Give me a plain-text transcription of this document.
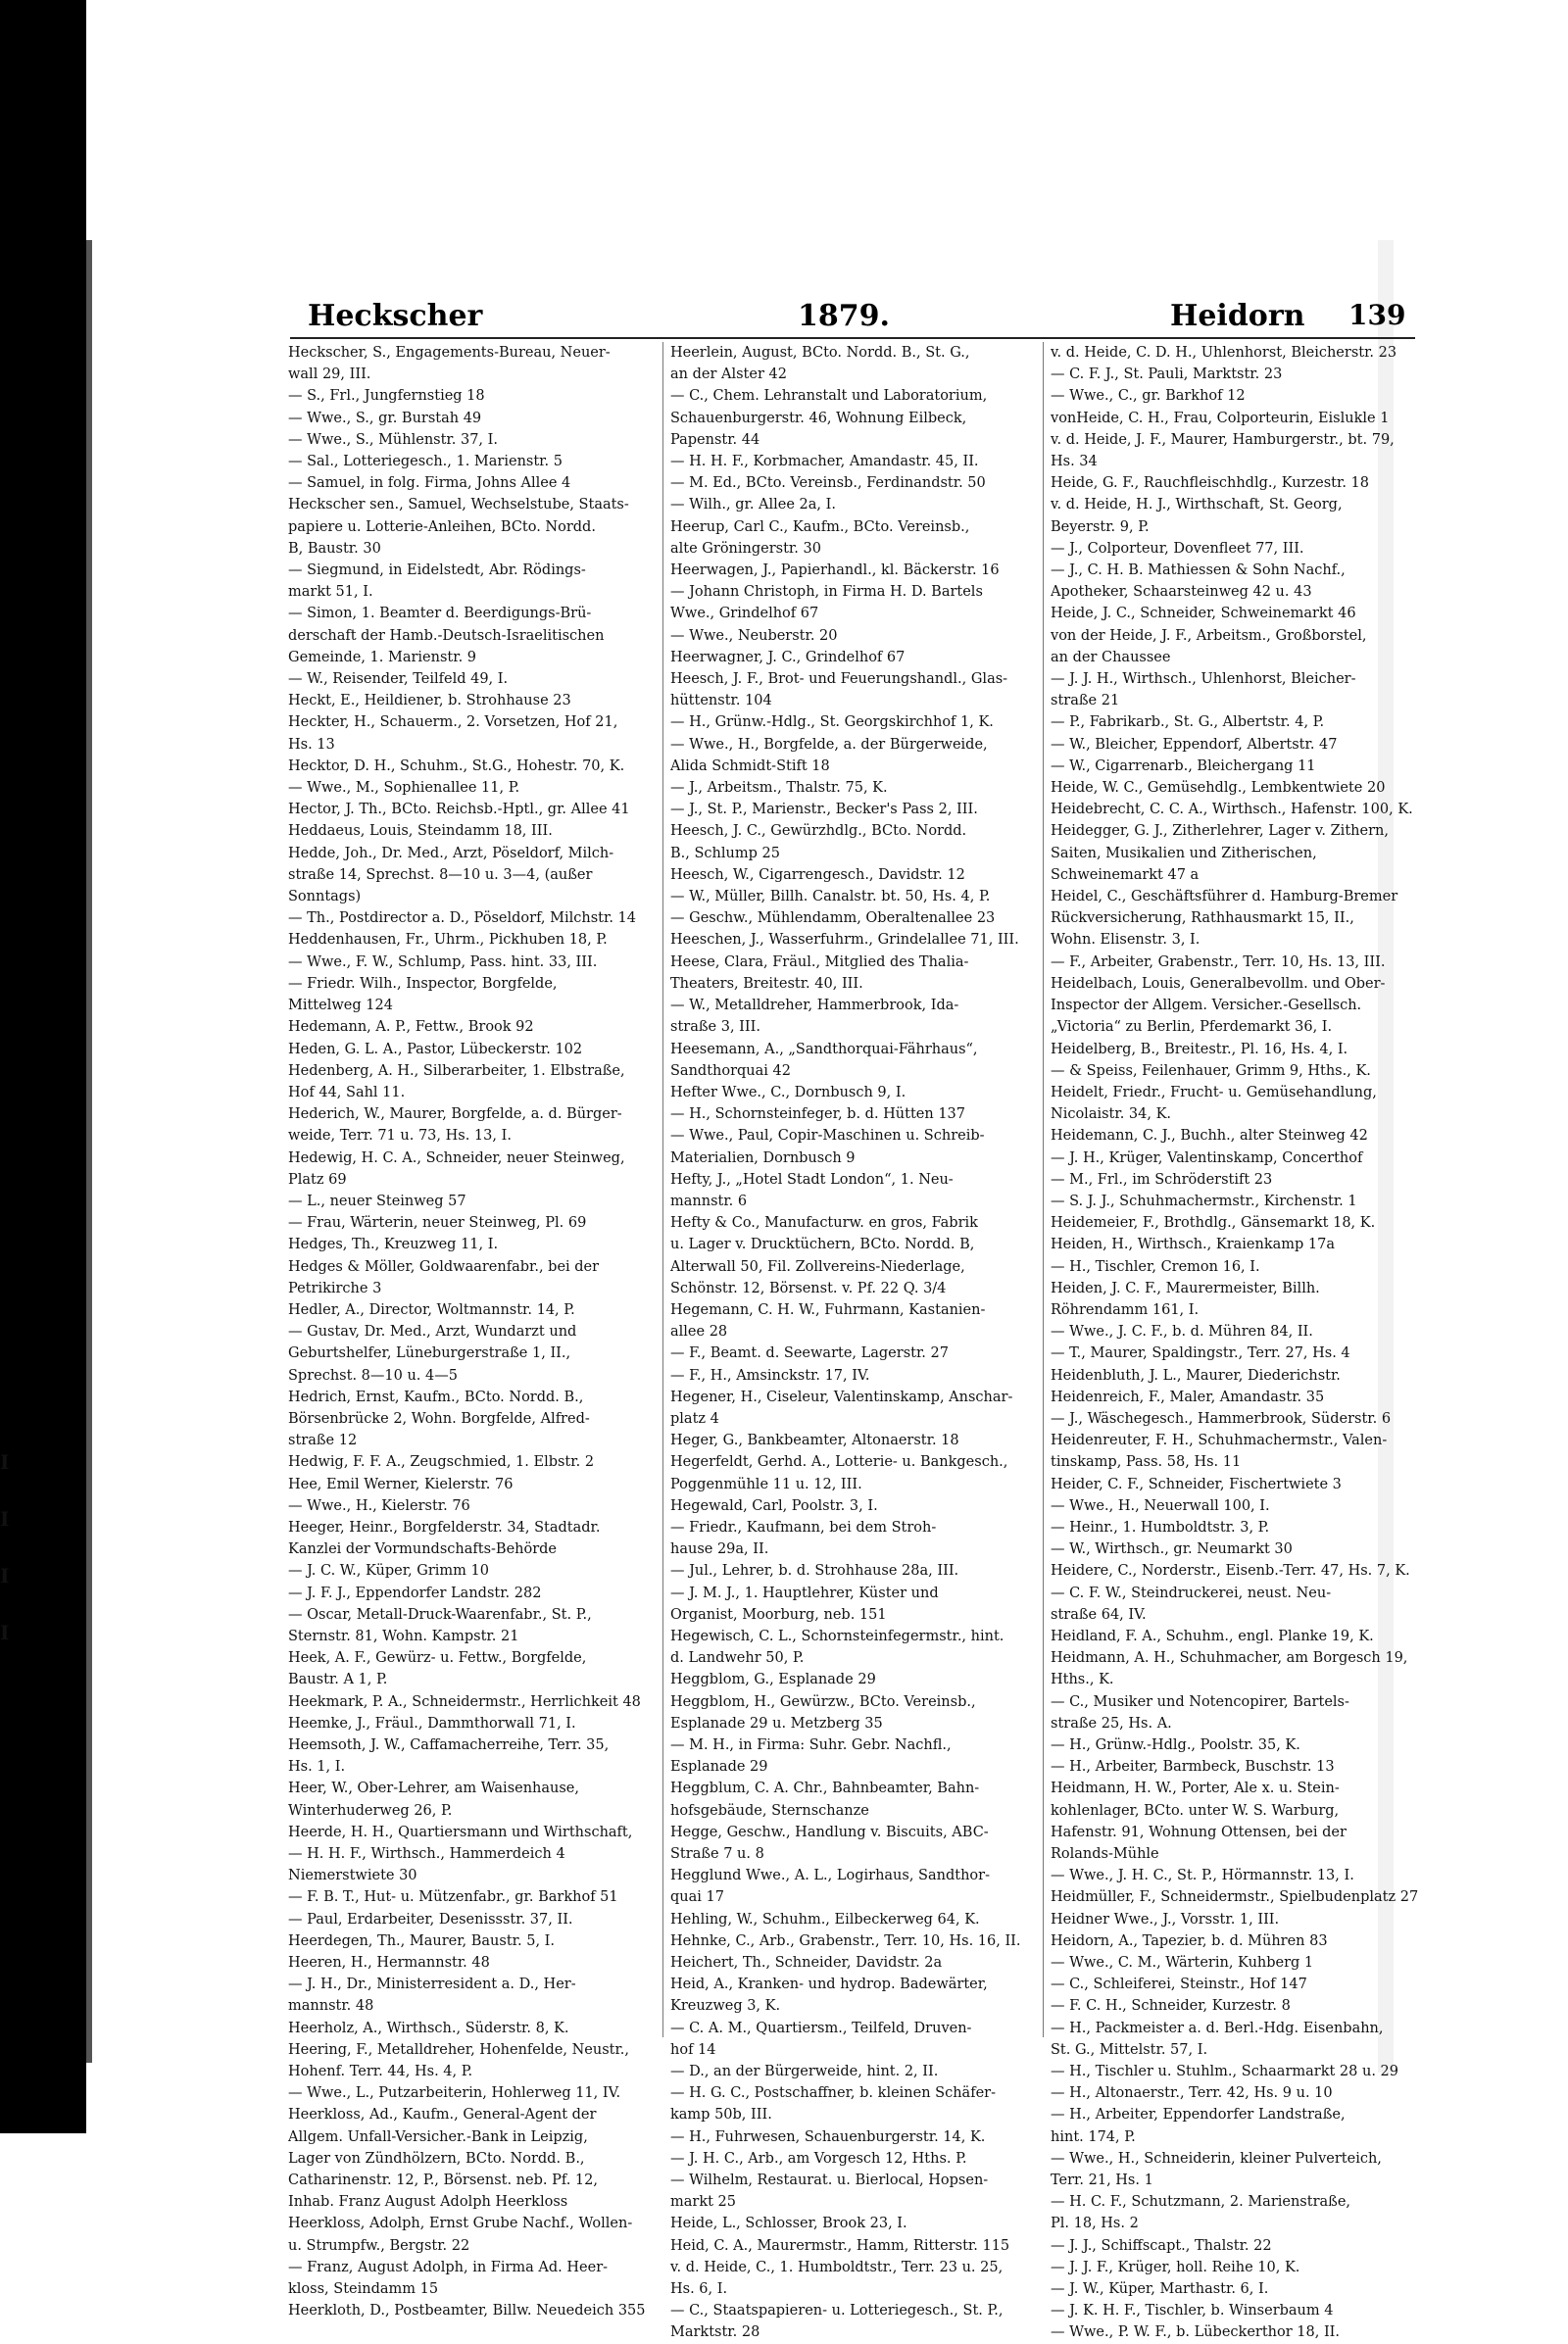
I
I
I
I
Heckscher	1879.	Heidorn 139
Heckscher, S., Engagements-Bureau, Neuer-
wall 29, III.
— S., Frl., Jungfernstieg 18
— Wwe., S., gr. Burstah 49
— Wwe., S., Mühlenstr. 37, I.
— Sal., Lotteriegesch., 1. Marienstr. 5
— Samuel, in folg. Firma, Johns Allee 4
Heckscher sen., Samuel, Wechselstube, Staats-
papiere u. Lotterie-Anleihen, BCto. Nordd.
B, Baustr. 30
— Siegmund, in Eidelstedt, Abr. Rödings-
markt 51, I.
— Simon, 1. Beamter d. Beerdigungs-Brü-
derschaft der Hamb.-Deutsch-Israelitischen
Gemeinde, 1. Marienstr. 9
— W., Reisender, Teilfeld 49, I.
Heckt, E., Heildiener, b. Strohhause 23
Heckter, H., Schauerm., 2. Vorsetzen, Hof 21,
Hs. 13
Hecktor, D. H., Schuhm., St.G., Hohestr. 70, K.
— Wwe., M., Sophienallee 11, P.
Hector, J. Th., BCto. Reichsb.-Hptl., gr. Allee 41
Heddaeus, Louis, Steindamm 18, III.
Hedde, Joh., Dr. Med., Arzt, Pöseldorf, Milch-
straße 14, Sprechst. 8—10 u. 3—4, (außer
Sonntags)
— Th., Postdirector a. D., Pöseldorf, Milchstr. 14
Heddenhausen, Fr., Uhrm., Pickhuben 18, P.
— Wwe., F. W., Schlump, Pass. hint. 33, III.
— Friedr. Wilh., Inspector, Borgfelde,
Mittelweg 124
Hedemann, A. P., Fettw., Brook 92
Heden, G. L. A., Pastor, Lübeckerstr. 102
Hedenberg, A. H., Silberarbeiter, 1. Elbstraße,
Hof 44, Sahl 11.
Hederich, W., Maurer, Borgfelde, a. d. Bürger-
weide, Terr. 71 u. 73, Hs. 13, I.
Hedewig, H. C. A., Schneider, neuer Steinweg,
Platz 69
— L., neuer Steinweg 57
— Frau, Wärterin, neuer Steinweg, Pl. 69
Hedges, Th., Kreuzweg 11, I.
Hedges & Möller, Goldwaarenfabr., bei der
Petrikirche 3
Hedler, A., Director, Woltmannstr. 14, P.
— Gustav, Dr. Med., Arzt, Wundarzt und
Geburtshelfer, Lüneburgerstraße 1, II.,
Sprechst. 8—10 u. 4—5
Hedrich, Ernst, Kaufm., BCto. Nordd. B.,
Börsenbrücke 2, Wohn. Borgfelde, Alfred-
straße 12
Hedwig, F. F. A., Zeugschmied, 1. Elbstr. 2
Hee, Emil Werner, Kielerstr. 76
— Wwe., H., Kielerstr. 76
Heeger, Heinr., Borgfelderstr. 34, Stadtadr.
Kanzlei der Vormundschafts-Behörde
— J. C. W., Küper, Grimm 10
— J. F. J., Eppendorfer Landstr. 282
— Oscar, Metall-Druck-Waarenfabr., St. P.,
Sternstr. 81, Wohn. Kampstr. 21
Heek, A. F., Gewürz- u. Fettw., Borgfelde,
Baustr. A 1, P.
Heekmark, P. A., Schneidermstr., Herrlichkeit 48
Heemke, J., Fräul., Dammthorwall 71, I.
Heemsoth, J. W., Caffamacherreihe, Terr. 35,
Hs. 1, I.
Heer, W., Ober-Lehrer, am Waisenhause,
Winterhuderweg 26, P.
Heerde, H. H., Quartiersmann und Wirthschaft,
— H. H. F., Wirthsch., Hammerdeich 4
Niemerstwiete 30
— F. B. T., Hut- u. Mützenfabr., gr. Barkhof 51
— Paul, Erdarbeiter, Desenissstr. 37, II.
Heerdegen, Th., Maurer, Baustr. 5, I.
Heeren, H., Hermannstr. 48
— J. H., Dr., Ministerresident a. D., Her-
mannstr. 48
Heerholz, A., Wirthsch., Süderstr. 8, K.
Heering, F., Metalldreher, Hohenfelde, Neustr.,
Hohenf. Terr. 44, Hs. 4, P.
— Wwe., L., Putzarbeiterin, Hohlerweg 11, IV.
Heerkloss, Ad., Kaufm., General-Agent der
Allgem. Unfall-Versicher.-Bank in Leipzig,
Lager von Zündhölzern, BCto. Nordd. B.,
Catharinenstr. 12, P., Börsenst. neb. Pf. 12,
Inhab. Franz August Adolph Heerkloss
Heerkloss, Adolph, Ernst Grube Nachf., Wollen-
u. Strumpfw., Bergstr. 22
— Franz, August Adolph, in Firma Ad. Heer-
kloss, Steindamm 15
Heerkloth, D., Postbeamter, Billw. Neuedeich 355
Heerlein, August, BCto. Nordd. B., St. G.,
an der Alster 42
— C., Chem. Lehranstalt und Laboratorium,
Schauenburgerstr. 46, Wohnung Eilbeck,
Papenstr. 44
— H. H. F., Korbmacher, Amandastr. 45, II.
— M. Ed., BCto. Vereinsb., Ferdinandstr. 50
— Wilh., gr. Allee 2a, I.
Heerup, Carl C., Kaufm., BCto. Vereinsb.,
alte Gröningerstr. 30
Heerwagen, J., Papierhandl., kl. Bäckerstr. 16
— Johann Christoph, in Firma H. D. Bartels
Wwe., Grindelhof 67
— Wwe., Neuberstr. 20
Heerwagner, J. C., Grindelhof 67
Heesch, J. F., Brot- und Feuerungshandl., Glas-
hüttenstr. 104
— H., Grünw.-Hdlg., St. Georgskirchhof 1, K.
— Wwe., H., Borgfelde, a. der Bürgerweide,
Alida Schmidt-Stift 18
— J., Arbeitsm., Thalstr. 75, K.
— J., St. P., Marienstr., Becker's Pass 2, III.
Heesch, J. C., Gewürzhdlg., BCto. Nordd.
B., Schlump 25
Heesch, W., Cigarrengesch., Davidstr. 12
— W., Müller, Billh. Canalstr. bt. 50, Hs. 4, P.
— Geschw., Mühlendamm, Oberaltenallee 23
Heeschen, J., Wasserfuhrm., Grindelallee 71, III.
Heese, Clara, Fräul., Mitglied des Thalia-
Theaters, Breitestr. 40, III.
— W., Metalldreher, Hammerbrook, Ida-
straße 3, III.
Heesemann, A., „Sandthorquai-Fährhaus“,
Sandthorquai 42
Hefter Wwe., C., Dornbusch 9, I.
— H., Schornsteinfeger, b. d. Hütten 137
— Wwe., Paul, Copir-Maschinen u. Schreib-
Materialien, Dornbusch 9
Hefty, J., „Hotel Stadt London“, 1. Neu-
mannstr. 6
Hefty & Co., Manufacturw. en gros, Fabrik
u. Lager v. Drucktüchern, BCto. Nordd. B,
Alterwall 50, Fil. Zollvereins-Niederlage,
Schönstr. 12, Börsenst. v. Pf. 22 Q. 3/4
Hegemann, C. H. W., Fuhrmann, Kastanien-
allee 28
— F., Beamt. d. Seewarte, Lagerstr. 27
— F., H., Amsinckstr. 17, IV.
Hegener, H., Ciseleur, Valentinskamp, Anschar-
platz 4
Heger, G., Bankbeamter, Altonaerstr. 18
Hegerfeldt, Gerhd. A., Lotterie- u. Bankgesch.,
Poggenmühle 11 u. 12, III.
Hegewald, Carl, Poolstr. 3, I.
— Friedr., Kaufmann, bei dem Stroh-
hause 29a, II.
— Jul., Lehrer, b. d. Strohhause 28a, III.
— J. M. J., 1. Hauptlehrer, Küster und
Organist, Moorburg, neb. 151
Hegewisch, C. L., Schornsteinfegermstr., hint.
d. Landwehr 50, P.
Heggblom, G., Esplanade 29
Heggblom, H., Gewürzw., BCto. Vereinsb.,
Esplanade 29 u. Metzberg 35
— M. H., in Firma: Suhr. Gebr. Nachfl.,
Esplanade 29
Heggblum, C. A. Chr., Bahnbeamter, Bahn-
hofsgebäude, Sternschanze
Hegge, Geschw., Handlung v. Biscuits, ABC-
Straße 7 u. 8
Hegglund Wwe., A. L., Logirhaus, Sandthor-
quai 17
Hehling, W., Schuhm., Eilbeckerweg 64, K.
Hehnke, C., Arb., Grabenstr., Terr. 10, Hs. 16, II.
Heichert, Th., Schneider, Davidstr. 2a
Heid, A., Kranken- und hydrop. Badewärter,
Kreuzweg 3, K.
— C. A. M., Quartiersm., Teilfeld, Druven-
hof 14
— D., an der Bürgerweide, hint. 2, II.
— H. G. C., Postschaffner, b. kleinen Schäfer-
kamp 50b, III.
— H., Fuhrwesen, Schauenburgerstr. 14, K.
— J. H. C., Arb., am Vorgesch 12, Hths. P.
— Wilhelm, Restaurat. u. Bierlocal, Hopsen-
markt 25
Heide, L., Schlosser, Brook 23, I.
Heid, C. A., Maurermstr., Hamm, Ritterstr. 115
v. d. Heide, C., 1. Humboldtstr., Terr. 23 u. 25,
Hs. 6, I.
— C., Staatspapieren- u. Lotteriegesch., St. P.,
Marktstr. 28
v. d. Heide, C. D. H., Uhlenhorst, Bleicherstr. 23
— C. F. J., St. Pauli, Marktstr. 23
— Wwe., C., gr. Barkhof 12
vonHeide, C. H., Frau, Colporteurin, Eislukle 1
v. d. Heide, J. F., Maurer, Hamburgerstr., bt. 79,
Hs. 34
Heide, G. F., Rauchfleischhdlg., Kurzestr. 18
v. d. Heide, H. J., Wirthschaft, St. Georg,
Beyerstr. 9, P.
— J., Colporteur, Dovenfleet 77, III.
— J., C. H. B. Mathiessen & Sohn Nachf.,
Apotheker, Schaarsteinweg 42 u. 43
Heide, J. C., Schneider, Schweinemarkt 46
von der Heide, J. F., Arbeitsm., Großborstel,
an der Chaussee
— J. J. H., Wirthsch., Uhlenhorst, Bleicher-
straße 21
— P., Fabrikarb., St. G., Albertstr. 4, P.
— W., Bleicher, Eppendorf, Albertstr. 47
— W., Cigarrenarb., Bleichergang 11
Heide, W. C., Gemüsehdlg., Lembkentwiete 20
Heidebrecht, C. C. A., Wirthsch., Hafenstr. 100, K.
Heidegger, G. J., Zitherlehrer, Lager v. Zithern,
Saiten, Musikalien und Zitherischen,
Schweinemarkt 47 a
Heidel, C., Geschäftsführer d. Hamburg-Bremer
Rückversicherung, Rathhausmarkt 15, II.,
Wohn. Elisenstr. 3, I.
— F., Arbeiter, Grabenstr., Terr. 10, Hs. 13, III.
Heidelbach, Louis, Generalbevollm. und Ober-
Inspector der Allgem. Versicher.-Gesellsch.
„Victoria“ zu Berlin, Pferdemarkt 36, I.
Heidelberg, B., Breitestr., Pl. 16, Hs. 4, I.
— & Speiss, Feilenhauer, Grimm 9, Hths., K.
Heidelt, Friedr., Frucht- u. Gemüsehandlung,
Nicolaistr. 34, K.
Heidemann, C. J., Buchh., alter Steinweg 42
— J. H., Krüger, Valentinskamp, Concerthof
— M., Frl., im Schröderstift 23
— S. J. J., Schuhmachermstr., Kirchenstr. 1
Heidemeier, F., Brothdlg., Gänsemarkt 18, K.
Heiden, H., Wirthsch., Kraienkamp 17a
— H., Tischler, Cremon 16, I.
Heiden, J. C. F., Maurermeister, Billh.
Röhrendamm 161, I.
— Wwe., J. C. F., b. d. Mühren 84, II.
— T., Maurer, Spaldingstr., Terr. 27, Hs. 4
Heidenbluth, J. L., Maurer, Diederichstr.
Heidenreich, F., Maler, Amandastr. 35
— J., Wäschegesch., Hammerbrook, Süderstr. 6
Heidenreuter, F. H., Schuhmachermstr., Valen-
tinskamp, Pass. 58, Hs. 11
Heider, C. F., Schneider, Fischertwiete 3
— Wwe., H., Neuerwall 100, I.
— Heinr., 1. Humboldtstr. 3, P.
— W., Wirthsch., gr. Neumarkt 30
Heidere, C., Norderstr., Eisenb.-Terr. 47, Hs. 7, K.
— C. F. W., Steindruckerei, neust. Neu-
straße 64, IV.
Heidland, F. A., Schuhm., engl. Planke 19, K.
Heidmann, A. H., Schuhmacher, am Borgesch 19,
Hths., K.
— C., Musiker und Notencopirer, Bartels-
straße 25, Hs. A.
— H., Grünw.-Hdlg., Poolstr. 35, K.
— H., Arbeiter, Barmbeck, Buschstr. 13
Heidmann, H. W., Porter, Ale x. u. Stein-
kohlenlager, BCto. unter W. S. Warburg,
Hafenstr. 91, Wohnung Ottensen, bei der
Rolands-Mühle
— Wwe., J. H. C., St. P., Hörmannstr. 13, I.
Heidmüller, F., Schneidermstr., Spielbudenplatz 27
Heidner Wwe., J., Vorsstr. 1, III.
Heidorn, A., Tapezier, b. d. Mühren 83
— Wwe., C. M., Wärterin, Kuhberg 1
— C., Schleiferei, Steinstr., Hof 147
— F. C. H., Schneider, Kurzestr. 8
— H., Packmeister a. d. Berl.-Hdg. Eisenbahn,
St. G., Mittelstr. 57, I.
— H., Tischler u. Stuhlm., Schaarmarkt 28 u. 29
— H., Altonaerstr., Terr. 42, Hs. 9 u. 10
— H., Arbeiter, Eppendorfer Landstraße,
hint. 174, P.
— Wwe., H., Schneiderin, kleiner Pulverteich,
Terr. 21, Hs. 1
— H. C. F., Schutzmann, 2. Marienstraße,
Pl. 18, Hs. 2
— J. J., Schiffscapt., Thalstr. 22
— J. J. F., Krüger, holl. Reihe 10, K.
— J. W., Küper, Marthastr. 6, I.
— J. K. H. F., Tischler, b. Winserbaum 4
— Wwe., P. W. F., b. Lübeckerthor 18, II.
